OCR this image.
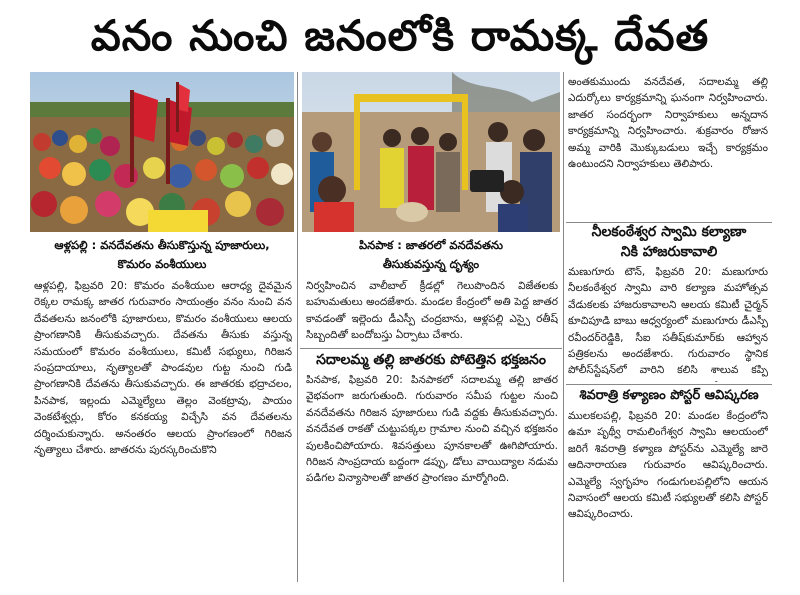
వనం నుంచి జనంలోకి రామక్క దేవత
ఆళ్లపల్లి : వనదేవతను తీసుకొస్తున్న పూజారులు,
కొమరం వంశీయులు
పినపాక : జాతరలో వనదేవతను
తీసుకువస్తున్న దృశ్యం

ఆళ్లపల్లి, ఫిబ్రవరి 20: కొమరం వంశీయుల ఆరాధ్య దైవమైన రెక్కల రామక్క జాతర గురువారం సాయంత్రం వనం నుంచి వన దేవతలను జనంలోకి పూజారులు, కొమరం వంశీయులు ఆలయ ప్రాంగణానికి తీసుకువచ్చారు. దేవతను తీసుకు వస్తున్న సమయంలో కొమరం వంశీయులు, కమిటీ సభ్యులు, గిరిజన సంప్రదాయాలు, నృత్యాలతో పాండవుల గుట్ట నుంచి గుడి ప్రాంగణానికి దేవతను తీసుకువచ్చారు. ఈ జాతరకు భద్రాచలం, పినపాక, ఇల్లందు ఎమ్మెల్యేలు తెల్లం వెంకట్రావు, పాయం వెంకటేశ్వర్లు, కోరం కనకయ్య విచ్చేసి వన దేవతలను దర్శించుకున్నారు. అనంతరం ఆలయ ప్రాంగణంలో గిరిజన నృత్యాలు చేశారు. జాతరను పురస్కరించుకొని

నిర్వహించిన వాలీబాల్ క్రీడల్లో గెలుపొందిన విజేతలకు బహుమతులు అందజేశారు. మండల కేంద్రంలో అతి పెద్ద జాతర కావడంతో ఇల్లెందు డీఎస్పీ చంద్రబాను, ఆళ్లపల్లి ఎస్సై రతీష్ సిబ్బందితో బందోబస్తు ఏర్పాటు చేశారు.

సదాలమ్మ తల్లి జాతరకు పోటెత్తిన భక్తజనం

పినపాక, ఫిబ్రవరి 20: పినపాకలో సదాలమ్మ తల్లి జాతర వైభవంగా జరుగుతుంది. గురువారం సమీప గుట్టల నుంచి వనదేవతను గిరిజన పూజారులు గుడి వద్దకు తీసుకువచ్చారు. వనదేవత రాకతో చుట్టుపక్కల గ్రామాల నుంచి వచ్చిన భక్తజనం పులకించిపోయారు. శివసత్తులు పూనకాలతో ఊగిపోయారు. గిరిజన సాంప్రదాయ బద్దంగా డప్పు, డోలు వాయిద్యాల నడుమ పడిగల విన్యాసాలతో జాతర ప్రాంగణం మార్మోగింది.

అంతకుముందు వనదేవత, సదాలమ్మ తల్లి ఎదుర్కోలు కార్యక్రమాన్ని ఘనంగా నిర్వహించారు. జాతర సందర్భంగా నిర్వాహకులు అన్నదాన కార్యక్రమాన్ని నిర్వహించారు. శుక్రవారం రోజున అమ్మ వారికి మొక్కుబడులు ఇచ్చే కార్యక్రమం ఉంటుందని నిర్వాహకులు తెలిపారు.

నీలకంఠేశ్వర స్వామి కల్యాణా
నికి హాజరుకావాలి

మణుగూరు టౌన్, ఫిబ్రవరి 20: మణుగూరు నీలకంఠేశ్వర స్వామి వారి కల్యాణ మహోత్సవ వేడుకలకు హాజరుకావాలని ఆలయ కమిటీ చైర్మన్ కూచిపూడి బాబు ఆధ్వర్యంలో మణుగూరు డీఎస్పీ రవీందర్‌రెడ్డికి, సీఐ సతీష్‌కుమార్‌కు ఆహ్వాన పత్రికలను అందజేశారు. గురువారం స్థానిక పోలీస్‌స్టేషన్‌లో వారిని కలిసి శాలువ కప్పి

శివరాత్రి కళ్యాణం పోస్టర్ ఆవిష్కరణ

ములకలపల్లి, ఫిబ్రవరి 20: మండల కేంద్రంలోని ఉమా పృథ్వీ రామలింగేశ్వర స్వామి ఆలయంలో జరిగే శివరాత్రి కళ్యాణ పోస్టర్‌ను ఎమ్మెల్యే జారె ఆదినారాయణ గురువారం ఆవిష్కరించారు. ఎమ్మెల్యే స్వగృహం గండుగులపల్లిలోని ఆయన నివాసంలో ఆలయ కమిటీ సభ్యులతో కలిసి పోస్టర్ ఆవిష్కరించారు.
